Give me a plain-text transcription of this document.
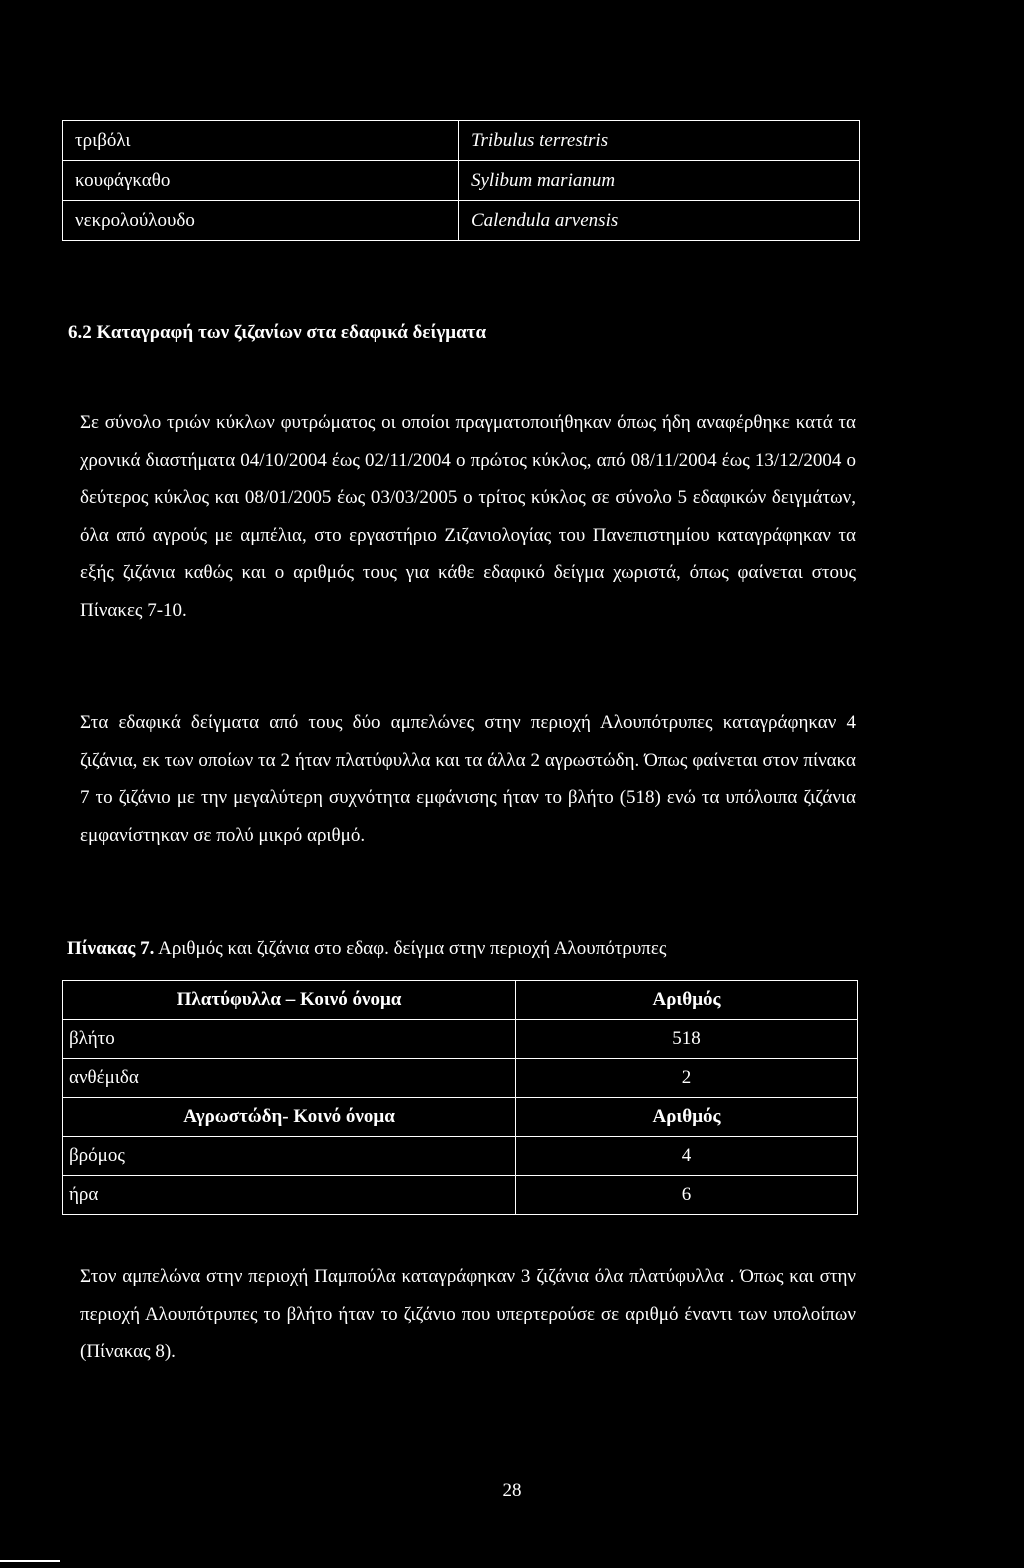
τριβόλι	Tribulus terrestris
κουφάγκαθο	Sylibum marianum
νεκρολούλουδο	Calendula arvensis
6.2 Καταγραφή των ζιζανίων στα εδαφικά δείγματα
Σε σύνολο τριών κύκλων φυτρώματος οι οποίοι πραγματοποιήθηκαν όπως ήδη αναφέρθηκε κατά τα χρονικά διαστήματα 04/10/2004 έως 02/11/2004 ο πρώτος κύκλος, από 08/11/2004 έως 13/12/2004 ο δεύτερος κύκλος και 08/01/2005 έως 03/03/2005 ο τρίτος κύκλος σε σύνολο 5 εδαφικών δειγμάτων, όλα από αγρούς με αμπέλια, στο εργαστήριο Ζιζανιολογίας του Πανεπιστημίου καταγράφηκαν τα εξής ζιζάνια καθώς και ο αριθμός τους για κάθε εδαφικό δείγμα χωριστά, όπως φαίνεται στους Πίνακες 7-10.
Στα εδαφικά δείγματα από τους δύο αμπελώνες στην περιοχή Αλουπότρυπες καταγράφηκαν 4 ζιζάνια, εκ των οποίων τα 2 ήταν πλατύφυλλα και τα άλλα 2 αγρωστώδη. Όπως φαίνεται στον πίνακα 7 το ζιζάνιο με την μεγαλύτερη συχνότητα εμφάνισης ήταν το βλήτο (518) ενώ τα υπόλοιπα ζιζάνια εμφανίστηκαν σε πολύ μικρό αριθμό.
Πίνακας 7. Αριθμός και ζιζάνια στο εδαφ. δείγμα στην περιοχή Αλουπότρυπες
Πλατύφυλλα – Κοινό όνομα	Αριθμός
βλήτο	518
ανθέμιδα	2
Αγρωστώδη- Κοινό όνομα	Αριθμός
βρόμος	4
ήρα	6
Στον αμπελώνα στην περιοχή Παμπούλα καταγράφηκαν 3 ζιζάνια όλα πλατύφυλλα . Όπως και στην περιοχή Αλουπότρυπες το βλήτο ήταν το ζιζάνιο που υπερτερούσε σε αριθμό έναντι των υπολοίπων (Πίνακας 8).
28
